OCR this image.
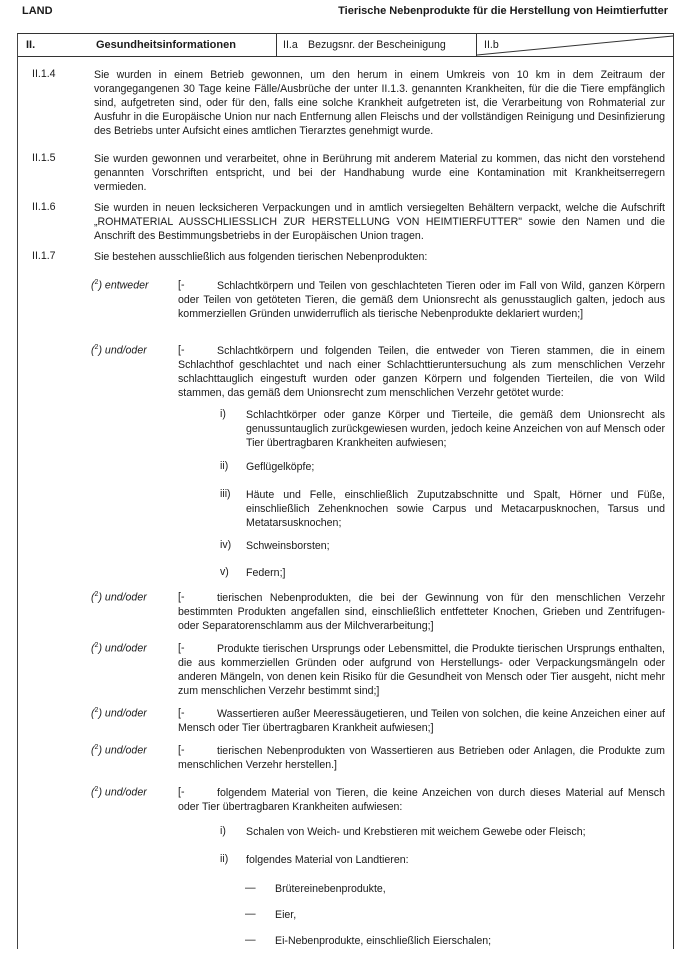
LAND	Tierische Nebenprodukte für die Herstellung von Heimtierfutter
II.	Gesundheitsinformationen	II.a Bezugsnr. der Bescheinigung	II.b
II.1.4	Sie wurden in einem Betrieb gewonnen, um den herum in einem Umkreis von 10 km in dem Zeitraum der vorangegangenen 30 Tage keine Fälle/Ausbrüche der unter II.1.3. genannten Krankheiten, für die die Tiere empfänglich sind, aufgetreten sind, oder für den, falls eine solche Krankheit aufgetreten ist, die Verarbeitung von Rohmaterial zur Ausfuhr in die Europäische Union nur nach Entfernung allen Fleischs und der vollständigen Reinigung und Desinfizierung des Betriebs unter Aufsicht eines amtlichen Tierarztes genehmigt wurde.
II.1.5	Sie wurden gewonnen und verarbeitet, ohne in Berührung mit anderem Material zu kommen, das nicht den vorstehend genannten Vorschriften entspricht, und bei der Handhabung wurde eine Kontamination mit Krankheitserregern vermieden.
II.1.6	Sie wurden in neuen lecksicheren Verpackungen und in amtlich versiegelten Behältern verpackt, welche die Aufschrift „ROHMATERIAL AUSSCHLIESSLICH ZUR HERSTELLUNG VON HEIMTIERFUTTER" sowie den Namen und die Anschrift des Bestimmungsbetriebs in der Europäischen Union tragen.
II.1.7	Sie bestehen ausschließlich aus folgenden tierischen Nebenprodukten:
($^2$) entweder	[-	Schlachtkörpern und Teilen von geschlachteten Tieren oder im Fall von Wild, ganzen Körpern oder Teilen von getöteten Tieren, die gemäß dem Unionsrecht als genusstauglich galten, jedoch aus kommerziellen Gründen unwiderruflich als tierische Nebenprodukte deklariert wurden;]
($^2$) und/oder	[-	Schlachtkörpern und folgenden Teilen, die entweder von Tieren stammen, die in einem Schlachthof geschlachtet und nach einer Schlachttieruntersuchung als zum menschlichen Verzehr schlachttauglich eingestuft wurden oder ganzen Körpern und folgenden Tierteilen, die von Wild stammen, das gemäß dem Unionsrecht zum menschlichen Verzehr getötet wurde:
i) Schlachtkörper oder ganze Körper und Tierteile, die gemäß dem Unionsrecht als genussuntauglich zurückgewiesen wurden, jedoch keine Anzeichen von auf Mensch oder Tier übertragbaren Krankheiten aufwiesen;
ii) Geflügelköpfe;
iii) Häute und Felle, einschließlich Zuputzabschnitte und Spalt, Hörner und Füße, einschließlich Zehenknochen sowie Carpus und Metacarpusknochen, Tarsus und Metatarsusknochen;
iv) Schweinsborsten;
v) Federn;]
($^2$) und/oder	[-	tierischen Nebenprodukten, die bei der Gewinnung von für den menschlichen Verzehr bestimmten Produkten angefallen sind, einschließlich entfetteter Knochen, Grieben und Zentrifugen- oder Separatorenschlamm aus der Milchverarbeitung;]
($^2$) und/oder	[-	Produkte tierischen Ursprungs oder Lebensmittel, die Produkte tierischen Ursprungs enthalten, die aus kommerziellen Gründen oder aufgrund von Herstellungs- oder Verpackungsmängeln oder anderen Mängeln, von denen kein Risiko für die Gesundheit von Mensch oder Tier ausgeht, nicht mehr zum menschlichen Verzehr bestimmt sind;]
($^2$) und/oder	[-	Wassertieren außer Meeressäugetieren, und Teilen von solchen, die keine Anzeichen einer auf Mensch oder Tier übertragbaren Krankheit aufwiesen;]
($^2$) und/oder	[-	tierischen Nebenprodukten von Wassertieren aus Betrieben oder Anlagen, die Produkte zum menschlichen Verzehr herstellen.]
($^2$) und/oder	[-	folgendem Material von Tieren, die keine Anzeichen von durch dieses Material auf Mensch oder Tier übertragbaren Krankheiten aufwiesen:
i) Schalen von Weich- und Krebstieren mit weichem Gewebe oder Fleisch;
ii) folgendes Material von Landtieren:
— Brütereinebenprodukte,
— Eier,
— Ei-Nebenprodukte, einschließlich Eierschalen;
